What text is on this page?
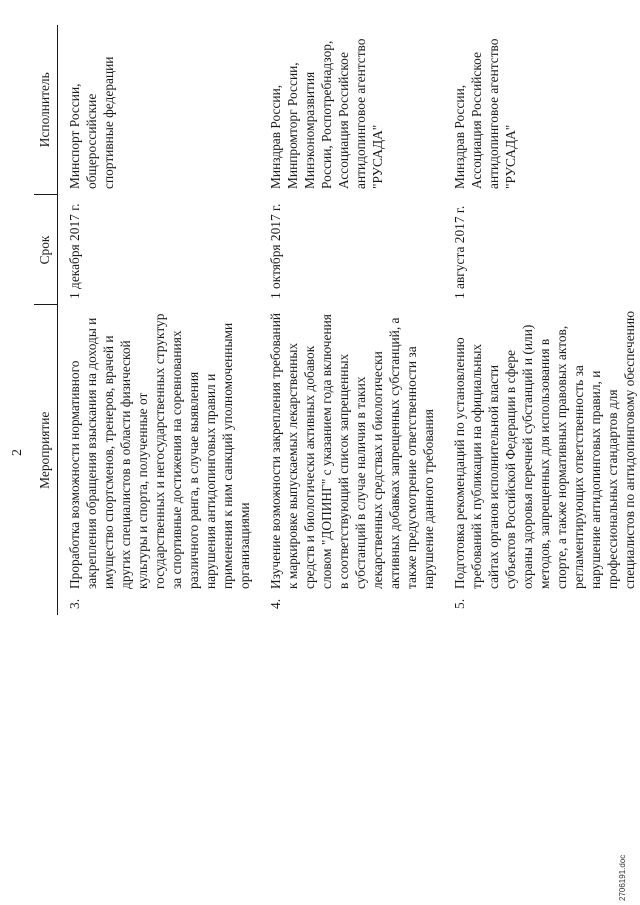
2
	Мероприятие	Срок	Исполнитель
3.	Проработка возможности нормативного закрепления обращения взыскания на доходы и имущество спортсменов, тренеров, врачей и других специалистов в области физической культуры и спорта, полученные от государственных и негосударственных структур за спортивные достижения на соревнованиях различного ранга, в случае выявления нарушения антидопинговых правил и применения к ним санкций уполномоченными организациями	1 декабря 2017 г.	Минспорт России, общероссийские спортивные федерации
4.	Изучение возможности закрепления требований к маркировке выпускаемых лекарственных средств и биологически активных добавок словом "ДОПИНГ" с указанием года включения в соответствующий список запрещенных субстанций в случае наличия в таких лекарственных средствах и биологически активных добавках запрещенных субстанций, а также предусмотрение ответственности за нарушение данного требования	1 октября 2017 г.	Минздрав России, Минпромторг России, Минэкономразвития России, Роспотребнадзор, Ассоциация Российское антидопинговое агентство "РУСАДА"
5.	Подготовка рекомендаций по установлению требований к публикации на официальных сайтах органов исполнительной власти субъектов Российской Федерации в сфере охраны здоровья перечней субстанций и (или) методов, запрещенных для использования в спорте, а также нормативных правовых актов, регламентирующих ответственность за нарушение антидопинговых правил, и профессиональных стандартов для специалистов по антидопинговому обеспечению	1 августа 2017 г.	Минздрав России, Ассоциация Российское антидопинговое агентство "РУСАДА"
2706191.doc
